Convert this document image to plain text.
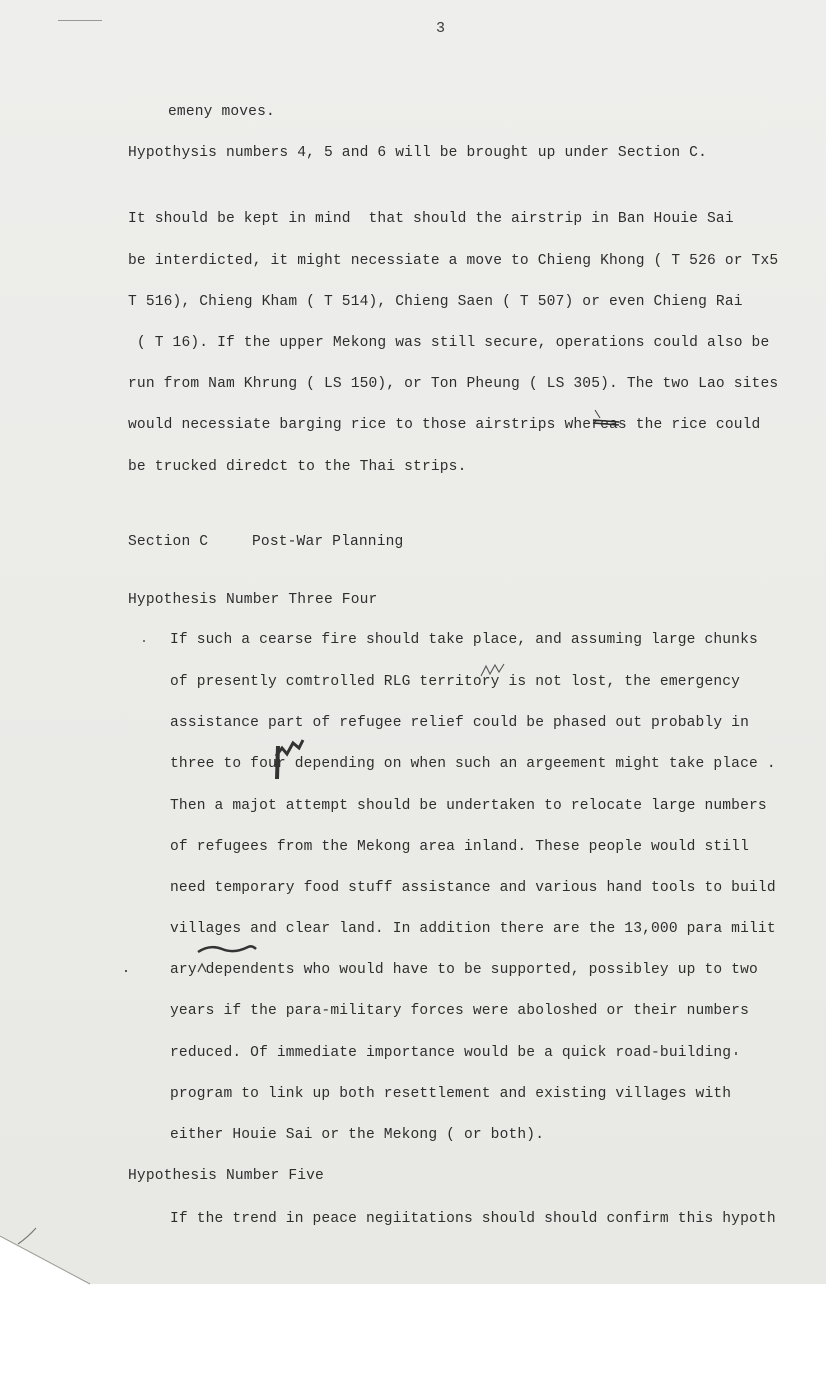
3
emeny moves.
Hypothysis numbers 4, 5 and 6 will be brought up under Section C.
It should be kept in mind  that should the airstrip in Ban Houie Sai
be interdicted, it might necessiate a move to Chieng Khong ( T 526 or Tx5
T 516), Chieng Kham ( T 514), Chieng Saen ( T 507) or even Chieng Rai
( T 16). If the upper Mekong was still secure, operations could also be
run from Nam Khrung ( LS 150), or Ton Pheung ( LS 305). The two Lao sites
would necessiate barging rice to those airstrips whereas the rice could
be trucked diredct to the Thai strips.
Section C	Post-War Planning
Hypothesis Number Three Four
If such a cearse fire should take place, and assuming large chunks
of presently comtrolled RLG territory is not lost, the emergency
assistance part of refugee relief could be phased out probably in
three to four depending on when such an argeement might take place .
Then a majot attempt should be undertaken to relocate large numbers
of refugees from the Mekong area inland. These people would still
need temporary food stuff assistance and various hand tools to build
villages and clear land. In addition there are the 13,000 para milit
ary dependents who would have to be supported, possibley up to two
years if the para-military forces were aboloshed or their numbers
reduced. Of immediate importance would be a quick road-building
program to link up both resettlement and existing villages with
either Houie Sai or the Mekong ( or both).
Hypothesis Number Five
If the trend in peace negiitations should should confirm this hypoth
